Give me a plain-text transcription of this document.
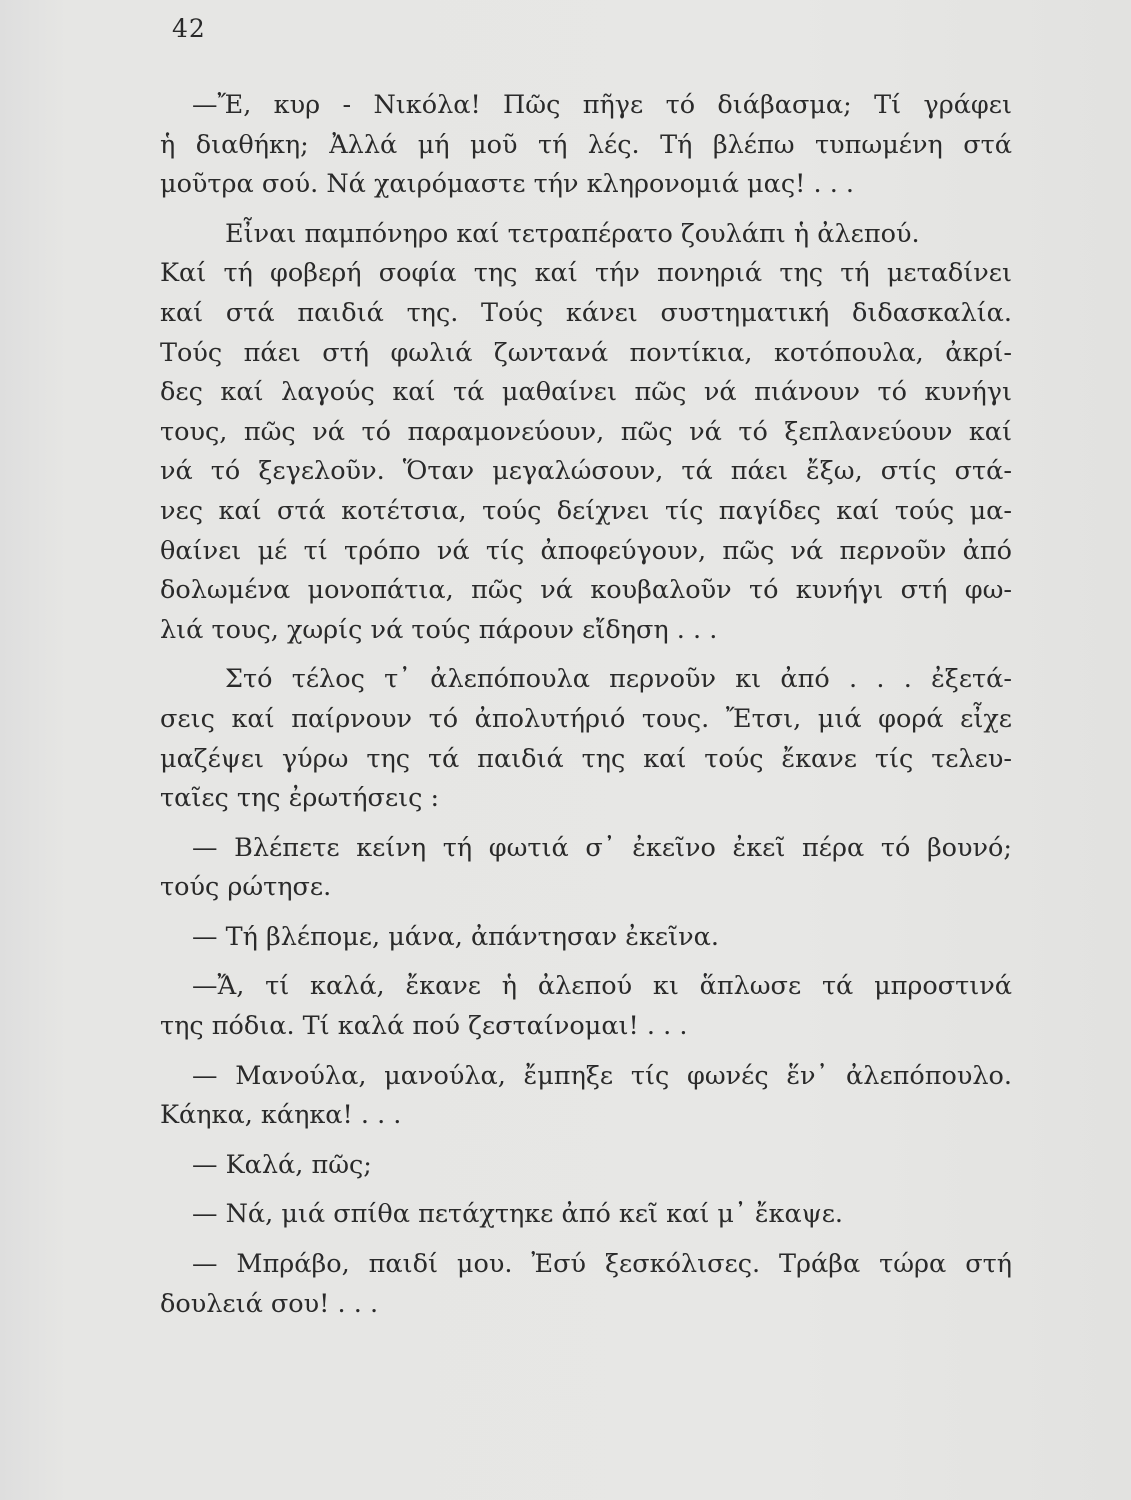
42
—Ἔ, κυρ - Νικόλα! Πῶς πῆγε τό διάβασμα; Τί γράφει
ἡ διαθήκη; Ἀλλά μή μοῦ τή λές. Τή βλέπω τυπωμένη στά
μοῦτρα σού. Νά χαιρόμαστε τήν κληρονομιά μας! . . .
Εἶναι παμπόνηρο καί τετραπέρατο ζουλάπι ἡ ἀλεπού.
Καί τή φοβερή σοφία της καί τήν πονηριά της τή μεταδίνει
καί στά παιδιά της. Τούς κάνει συστηματική διδασκαλία.
Τούς πάει στή φωλιά ζωντανά ποντίκια, κοτόπουλα, ἀκρί-
δες καί λαγούς καί τά μαθαίνει πῶς νά πιάνουν τό κυνήγι
τους, πῶς νά τό παραμονεύουν, πῶς νά τό ξεπλανεύουν καί
νά τό ξεγελοῦν. Ὅταν μεγαλώσουν, τά πάει ἔξω, στίς στά-
νες καί στά κοτέτσια, τούς δείχνει τίς παγίδες καί τούς μα-
θαίνει μέ τί τρόπο νά τίς ἀποφεύγουν, πῶς νά περνοῦν ἀπό
δολωμένα μονοπάτια, πῶς νά κουβαλοῦν τό κυνήγι στή φω-
λιά τους, χωρίς νά τούς πάρουν εἴδηση . . .
Στό τέλος τ᾽ ἀλεπόπουλα περνοῦν κι ἀπό . . . ἐξετά-
σεις καί παίρνουν τό ἀπολυτήριό τους. Ἔτσι, μιά φορά εἶχε
μαζέψει γύρω της τά παιδιά της καί τούς ἔκανε τίς τελευ-
ταῖες της ἐρωτήσεις :
— Βλέπετε κείνη τή φωτιά σ᾽ ἐκεῖνο ἐκεῖ πέρα τό βουνό;
τούς ρώτησε.
— Τή βλέπομε, μάνα, ἀπάντησαν ἐκεῖνα.
—Ἄ, τί καλά, ἔκανε ἡ ἀλεπού κι ἅπλωσε τά μπροστινά
της πόδια. Τί καλά πού ζεσταίνομαι! . . .
— Μανούλα, μανούλα, ἔμπηξε τίς φωνές ἕν᾽ ἀλεπόπουλο.
Κάηκα, κάηκα! . . .
— Καλά, πῶς;
— Νά, μιά σπίθα πετάχτηκε ἀπό κεῖ καί μ᾽ ἔκαψε.
— Μπράβο, παιδί μου. Ἐσύ ξεσκόλισες. Τράβα τώρα στή
δουλειά σου! . . .
